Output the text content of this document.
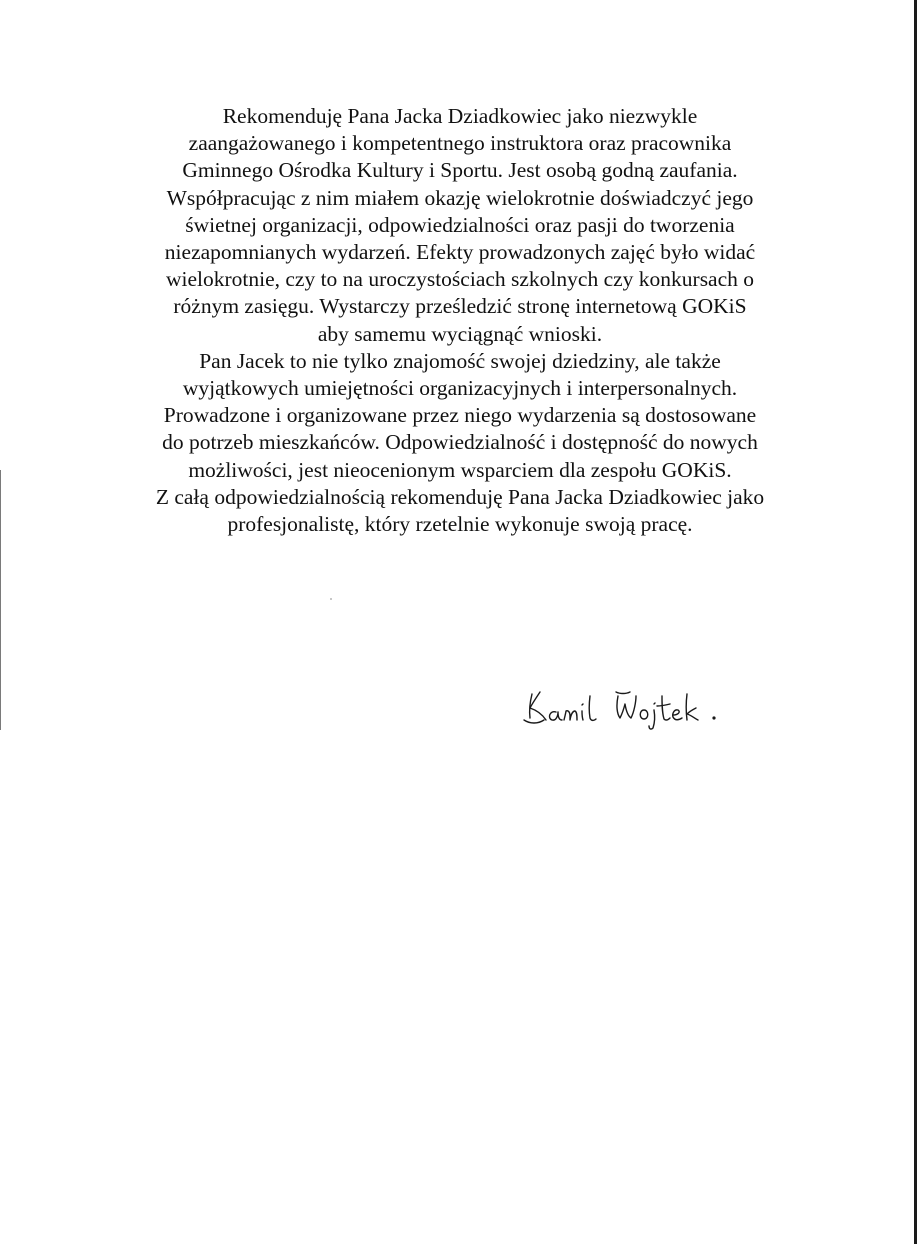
Rekomenduję Pana Jacka Dziadkowiec jako niezwykle
zaangażowanego i kompetentnego instruktora oraz pracownika
Gminnego Ośrodka Kultury i Sportu. Jest osobą godną zaufania.
Współpracując z nim miałem okazję wielokrotnie doświadczyć jego
świetnej organizacji, odpowiedzialności oraz pasji do tworzenia
niezapomnianych wydarzeń. Efekty prowadzonych zajęć było widać
wielokrotnie, czy to na uroczystościach szkolnych czy konkursach o
różnym zasięgu. Wystarczy prześledzić stronę internetową GOKiS
aby samemu wyciągnąć wnioski.
Pan Jacek to nie tylko znajomość swojej dziedziny, ale także
wyjątkowych umiejętności organizacyjnych i interpersonalnych.
Prowadzone i organizowane przez niego wydarzenia są dostosowane
do potrzeb mieszkańców. Odpowiedzialność i dostępność do nowych
możliwości, jest nieocenionym wsparciem dla zespołu GOKiS.
Z całą odpowiedzialnością rekomenduję Pana Jacka Dziadkowiec jako
profesjonalistę, który rzetelnie wykonuje swoją pracę.
